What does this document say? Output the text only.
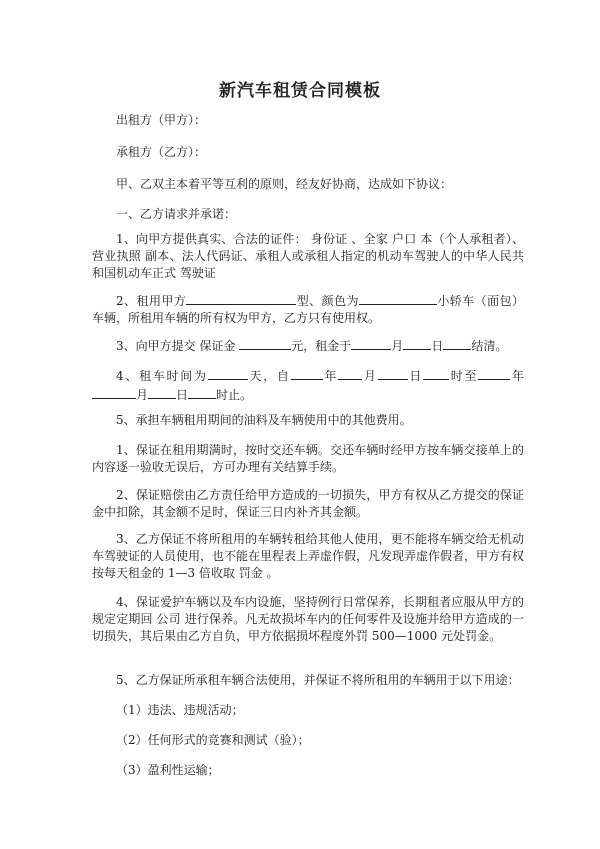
新汽车租赁合同模板

出租方（甲方）：

承租方（乙方）：

甲、乙双主本着平等互利的原则，经友好协商，达成如下协议：

一、乙方请求并承诺：

1、向甲方提供真实、合法的证件： 身份证 、全家 户口 本（个人承租者）、 营业执照 副本、法人代码证、承租人或承租人指定的机动车驾驶人的中华人民共和国机动车正式 驾驶证

2、租用甲方	型、颜色为	小轿车（面包）车辆，所租用车辆的所有权为甲方，乙方只有使用权。

3、向甲方提交 保证金	元，租金于	月 日 结清。

4、租车时间为	天，自	年 月	日 时至	年月 日 时止。

5、承担车辆租用期间的油料及车辆使用中的其他费用。

1、保证在租用期满时，按时交还车辆。交还车辆时经甲方按车辆交接单上的内容逐一验收无误后，方可办理有关结算手续。

2、保证赔偿由乙方责任给甲方造成的一切损失，甲方有权从乙方提交的保证金中扣除，其金额不足时，保证三日内补齐其金额。

3、乙方保证不将所租用的车辆转租给其他人使用，更不能将车辆交给无机动车驾驶证的人员使用，也不能在里程表上弄虚作假，凡发现弄虚作假者，甲方有权按每天租金的 1—3 倍收取 罚金 。

4、保证爱护车辆以及车内设施，坚持例行日常保养，长期租者应服从甲方的规定定期回 公司 进行保养。凡无故损坏车内的任何零件及设施并给甲方造成的一切损失，其后果由乙方自负，甲方依据损坏程度外罚 500—1000 元处罚金。

5、乙方保证所承租车辆合法使用，并保证不将所租用的车辆用于以下用途：

（1）违法、违规活动；

（2）任何形式的竞赛和测试（验）；

（3）盈利性运输；
